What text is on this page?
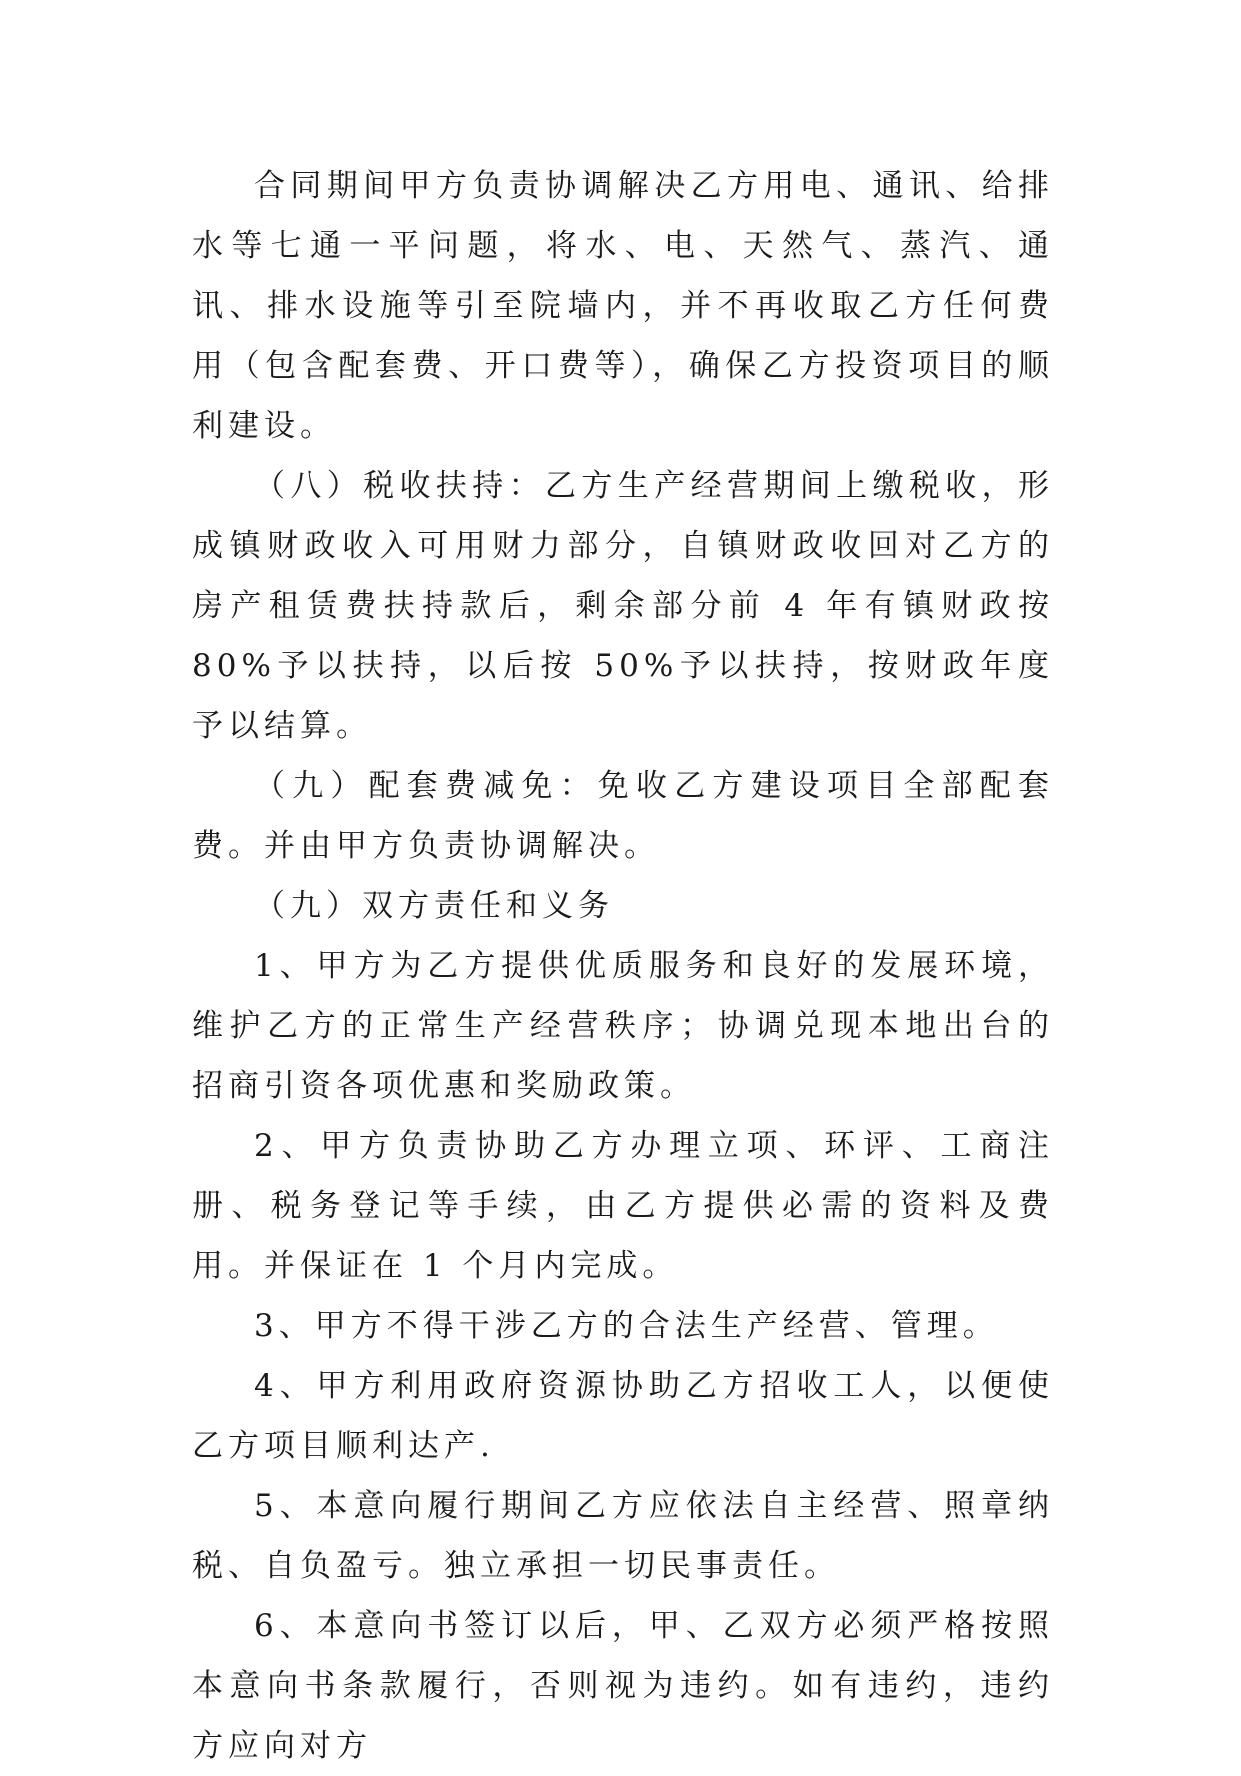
合同期间甲方负责协调解决乙方用电、通讯、给排水等七通一平问题，将水、电、天然气、蒸汽、通讯、排水设施等引至院墙内，并不再收取乙方任何费用（包含配套费、开口费等），确保乙方投资项目的顺利建设。

（八）税收扶持：乙方生产经营期间上缴税收，形成镇财政收入可用财力部分，自镇财政收回对乙方的房产租赁费扶持款后，剩余部分前 4 年有镇财政按 80%予以扶持，以后按 50%予以扶持，按财政年度予以结算。

（九）配套费减免：免收乙方建设项目全部配套费。并由甲方负责协调解决。

（九）双方责任和义务

1、甲方为乙方提供优质服务和良好的发展环境，维护乙方的正常生产经营秩序；协调兑现本地出台的招商引资各项优惠和奖励政策。

2、甲方负责协助乙方办理立项、环评、工商注册、税务登记等手续，由乙方提供必需的资料及费用。并保证在 1 个月内完成。

3、甲方不得干涉乙方的合法生产经营、管理。

4、甲方利用政府资源协助乙方招收工人，以便使乙方项目顺利达产.

5、本意向履行期间乙方应依法自主经营、照章纳税、自负盈亏。独立承担一切民事责任。

6、本意向书签订以后，甲、乙双方必须严格按照本意向书条款履行，否则视为违约。如有违约，违约方应向对方
